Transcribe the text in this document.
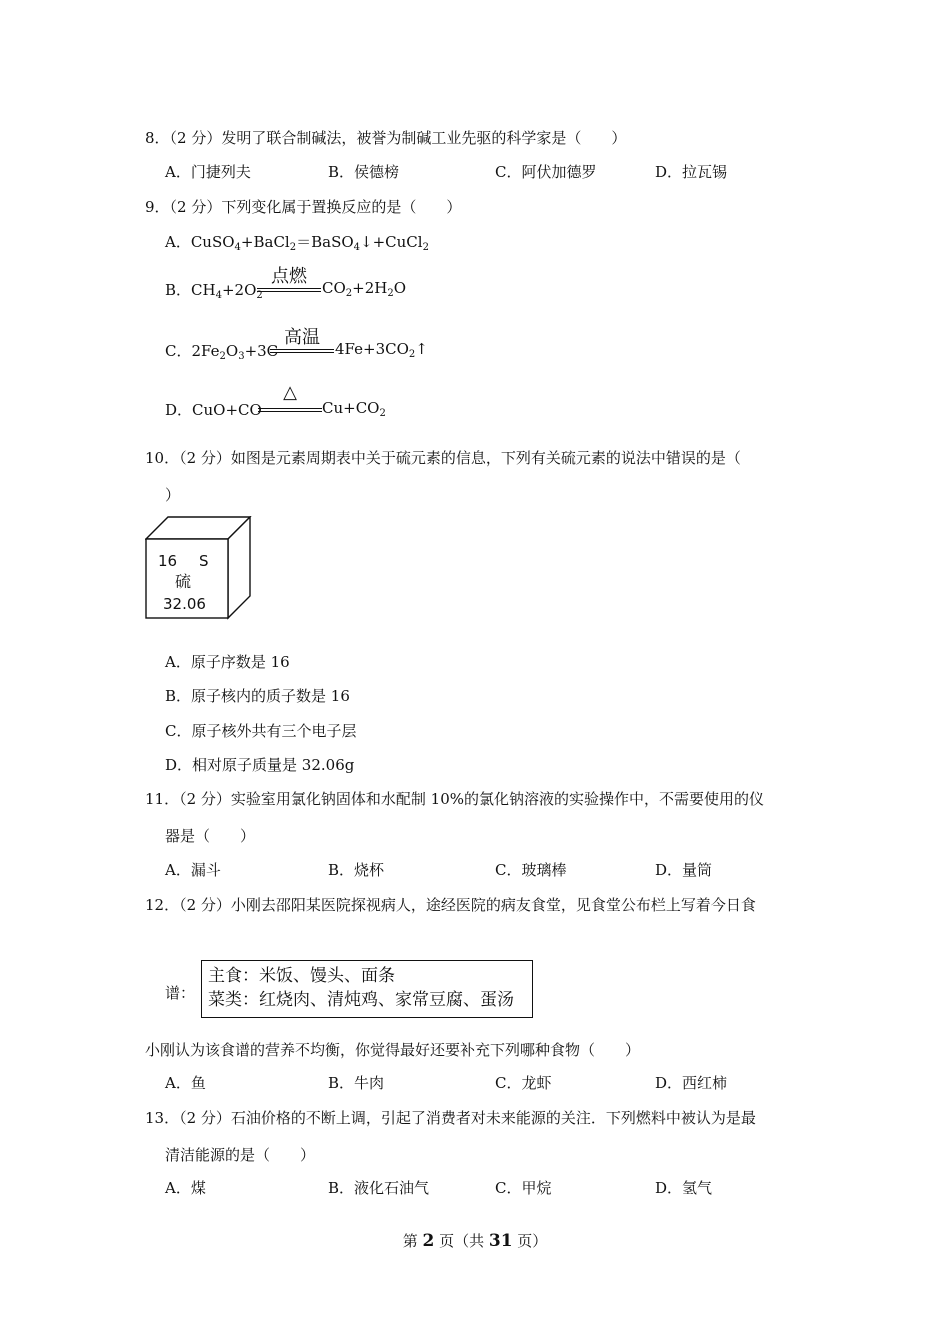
8．（2 分）发明了联合制碱法，被誉为制碱工业先驱的科学家是（　　）
A．门捷列夫	B．侯德榜	C．阿伏加德罗	D．拉瓦锡
9．（2 分）下列变化属于置换反应的是（　　）
A．CuSO$_4$+BaCl$_2$＝BaSO$_4$↓+CuCl$_2$
B．$CH_4+2O_2$
点燃
$CO_2+2H_2O$
C．$2Fe_2O_3+3C$
高温
$4Fe+3CO_2↑$
D．CuO+CO
△
$Cu+CO_2$
10．（2 分）如图是元素周期表中关于硫元素的信息，下列有关硫元素的说法中错误的是（
）
16 S
硫
32.06
A．原子序数是 16
B．原子核内的质子数是 16
C．原子核外共有三个电子层
D．相对原子质量是 32.06g
11．（2 分）实验室用氯化钠固体和水配制 10%的氯化钠溶液的实验操作中，不需要使用的仪
器是（　　）
A．漏斗	B．烧杯	C．玻璃棒	D．量筒
12．（2 分）小刚去邵阳某医院探视病人，途经医院的病友食堂，见食堂公布栏上写着今日食
谱：
主食：米饭、馒头、面条
菜类：红烧肉、清炖鸡、家常豆腐、蛋汤
小刚认为该食谱的营养不均衡，你觉得最好还要补充下列哪种食物（　　）
A．鱼	B．牛肉	C．龙虾	D．西红柿
13．（2 分）石油价格的不断上调，引起了消费者对未来能源的关注．下列燃料中被认为是最
清洁能源的是（　　）
A．煤	B．液化石油气	C．甲烷	D．氢气
第 2 页（共 31 页）
